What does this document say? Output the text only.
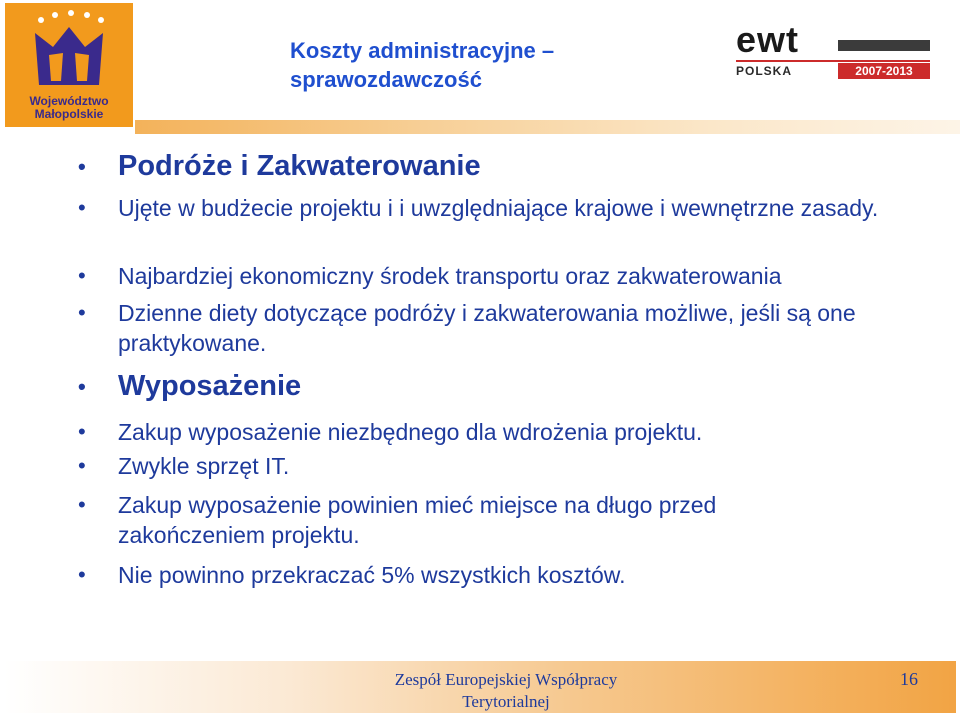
Województwo
Małopolskie
Koszty administracyjne –
sprawozdawczość
ewt
POLSKA	2007-2013
• Podróże i Zakwaterowanie
• Ujęte w budżecie projektu i i uwzględniające krajowe i wewnętrzne zasady.
• Najbardziej ekonomiczny środek transportu oraz zakwaterowania
• Dzienne diety dotyczące podróży i zakwaterowania możliwe, jeśli są one praktykowane.
• Wyposażenie
• Zakup wyposażenie niezbędnego dla wdrożenia projektu.
• Zwykle sprzęt IT.
• Zakup wyposażenie powinien mieć miejsce na długo przed zakończeniem projektu.
• Nie powinno przekraczać 5% wszystkich kosztów.
Zespół Europejskiej Współpracy
Terytorialnej
16
